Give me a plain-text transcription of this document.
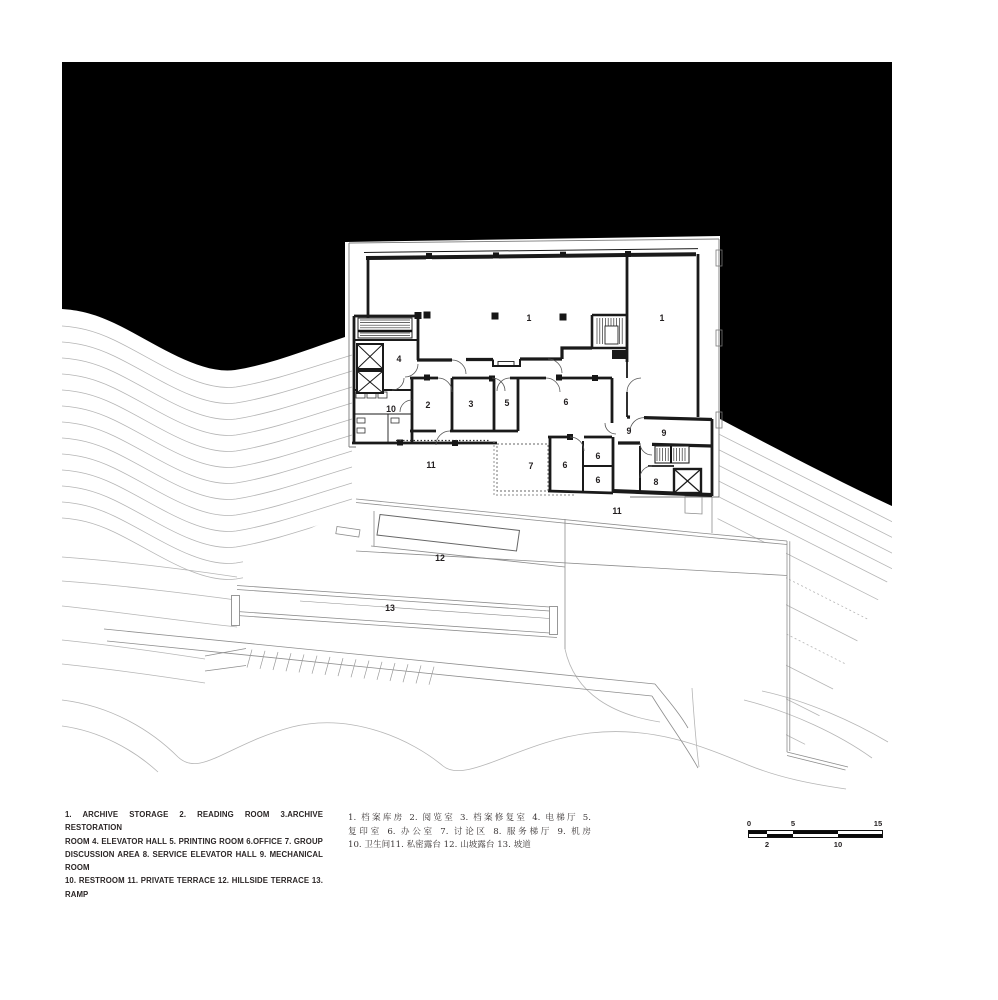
1	1
4
2	3	5	6
10
9	9
11	7	6
6
6	8
11
12
13
1. ARCHIVE STORAGE 2. READING ROOM 3.ARCHIVE RESTORATION
ROOM 4. ELEVATOR HALL 5. PRINTING ROOM 6.OFFICE 7. GROUP
DISCUSSION AREA 8. SERVICE ELEVATOR HALL 9. MECHANICAL ROOM
10. RESTROOM 11. PRIVATE TERRACE 12. HILLSIDE TERRACE 13. RAMP
1. 档案库房 2. 阅览室 3. 档案修复室 4. 电梯厅 5.
复印室 6. 办公室 7. 讨论区 8. 服务梯厅 9. 机房
10. 卫生间11. 私密露台 12. 山坡露台 13. 坡道
0	5	15
2	10
